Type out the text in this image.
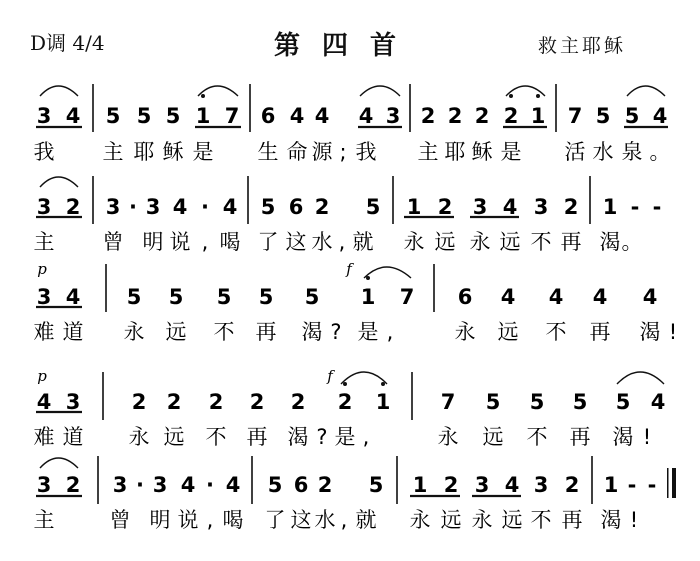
D调 4/4	第四首	救主耶稣
3 4 5 5 5 1 7 6 4 4 4 3 2 2 2 2 1 7 5 5 4
我 主 耶 稣 是 生 命 源 ; 我 主 耶 稣 是 活 水 泉 。
3 2 3 · 3 4 · 4 5 6 2 5 1 2 3 4 3 2 1 - -
主 曾 明 说 , 喝 了 这 水 , 就 永 远 永 远 不 再 渴 。
3 4 5 5 5 5 5 1 7 6 4 4 4 4
难 道 永 远 不 再 渴 ? 是 ,	永 远 不 再 渴 !
p	f
4 3 2 2 2 2 2 2 1 7 5 5 5 5 4
难 道 永 远 不 再 渴 ? 是 ,	永 远 不 再 渴 !
p	f
3 2 3 · 3 4 · 4 5 6 2 5 1 2 3 4 3 2 1 - -
主	曾 明 说 , 喝 了 这 水 , 就 永 远 永 远 不 再 渴 !
